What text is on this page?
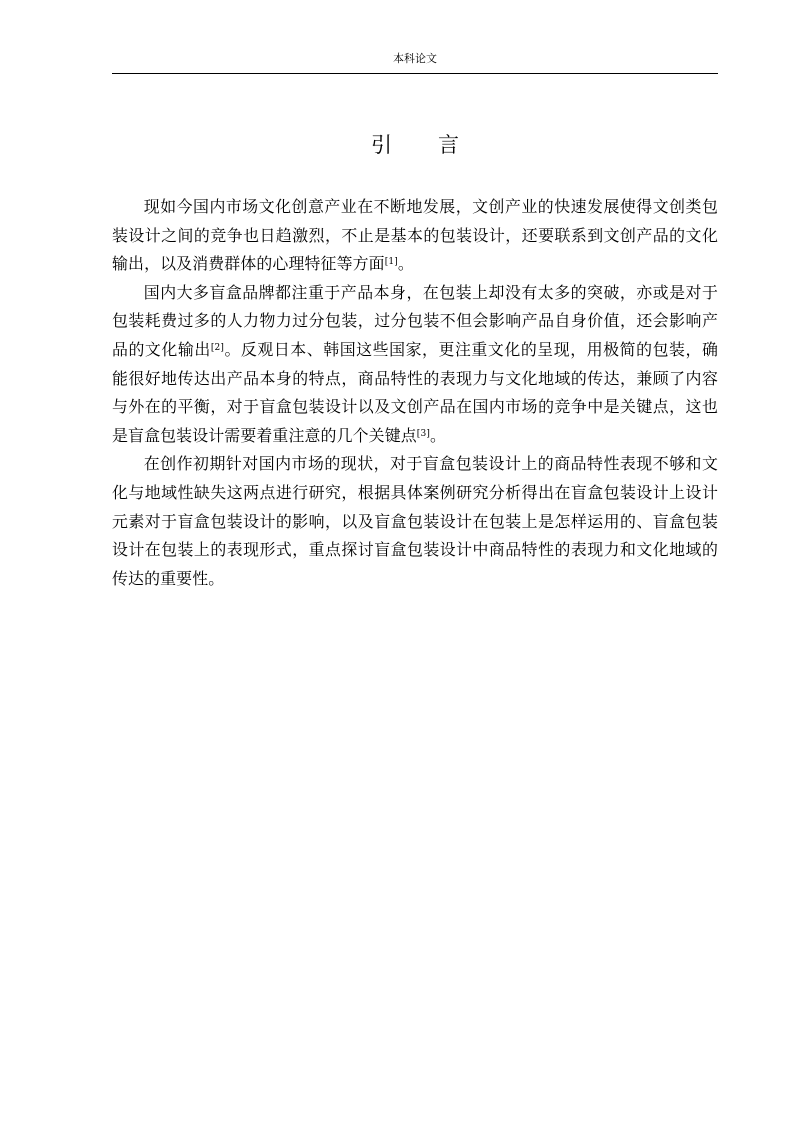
本科论文
引 言

现如今国内市场文化创意产业在不断地发展，文创产业的快速发展使得文创类包装设计之间的竞争也日趋激烈，不止是基本的包装设计，还要联系到文创产品的文化输出，以及消费群体的心理特征等方面[1]。

国内大多盲盒品牌都注重于产品本身，在包装上却没有太多的突破，亦或是对于包装耗费过多的人力物力过分包装，过分包装不但会影响产品自身价值，还会影响产品的文化输出[2]。反观日本、韩国这些国家，更注重文化的呈现，用极简的包装，确能很好地传达出产品本身的特点，商品特性的表现力与文化地域的传达，兼顾了内容与外在的平衡，对于盲盒包装设计以及文创产品在国内市场的竞争中是关键点，这也是盲盒包装设计需要着重注意的几个关键点[3]。

在创作初期针对国内市场的现状，对于盲盒包装设计上的商品特性表现不够和文化与地域性缺失这两点进行研究，根据具体案例研究分析得出在盲盒包装设计上设计元素对于盲盒包装设计的影响，以及盲盒包装设计在包装上是怎样运用的、盲盒包装设计在包装上的表现形式，重点探讨盲盒包装设计中商品特性的表现力和文化地域的传达的重要性。
